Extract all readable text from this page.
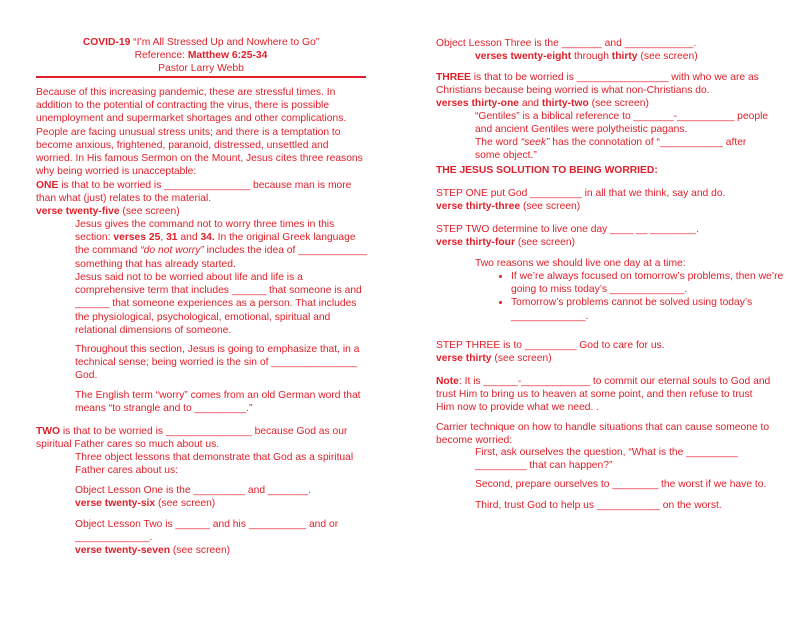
COVID-19 “I’m All Stressed Up and Nowhere to Go”
Reference: Matthew 6:25-34
Pastor Larry Webb

Because of this increasing pandemic, these are stressful times. In addition to the potential of contracting the virus, there is possible unemployment and supermarket shortages and other complications. People are facing unusual stress units; and there is a temptation to become anxious, frightened, paranoid, distressed, unsettled and worried. In His famous Sermon on the Mount, Jesus cites three reasons why being worried is unacceptable:

ONE is that to be worried is _______________ because man is more than what (just) relates to the material.

verse twenty-five (see screen)

Jesus gives the command not to worry three times in this section: verses 25, 31 and 34. In the original Greek language the command “do not worry” includes the idea of ____________ something that has already started.

Jesus said not to be worried about life and life is a comprehensive term that includes ______ that someone is and ______ that someone experiences as a person. That includes the physiological, psychological, emotional, spiritual and relational dimensions of someone.

Throughout this section, Jesus is going to emphasize that, in a technical sense; being worried is the sin of _______________ God.

The English term “worry” comes from an old German word that means “to strangle and to _________.”

TWO is that to be worried is _______________ because God as our spiritual Father cares so much about us.

Three object lessons that demonstrate that God as a spiritual Father cares about us:

Object Lesson One is the _________ and _______.

verse twenty-six (see screen)

Object Lesson Two is ______ and his __________ and or _____________.

verse twenty-seven (see screen)

Object Lesson Three is the _______ and ____________.

verses twenty-eight through thirty (see screen)

THREE is that to be worried is ________________ with who we are as Christians because being worried is what non-Christians do.

verses thirty-one and thirty-two (see screen)

“Gentiles” is a biblical reference to _______-__________ people and ancient Gentiles were polytheistic pagans.

The word “seek” has the connotation of “___________ after some object.”

THE JESUS SOLUTION TO BEING WORRIED:

STEP ONE put God _________ in all that we think, say and do.

verse thirty-three (see screen)

STEP TWO determine to live one day ____ __ ________.

verse thirty-four (see screen)

Two reasons we should live one day at a time:

• If we’re always focused on tomorrow’s problems, then we’re going to miss today’s _____________.
• Tomorrow’s problems cannot be solved using today’s _____________.

STEP THREE is to _________ God to care for us.

verse thirty (see screen)

Note: It is ______-____________ to commit our eternal souls to God and trust Him to bring us to heaven at some point, and then refuse to trust Him now to provide what we need. .

Carrier technique on how to handle situations that can cause someone to become worried:

First, ask ourselves the question, “What is the _________ _________ that can happen?”

Second, prepare ourselves to ________ the worst if we have to.

Third, trust God to help us ___________ on the worst.
